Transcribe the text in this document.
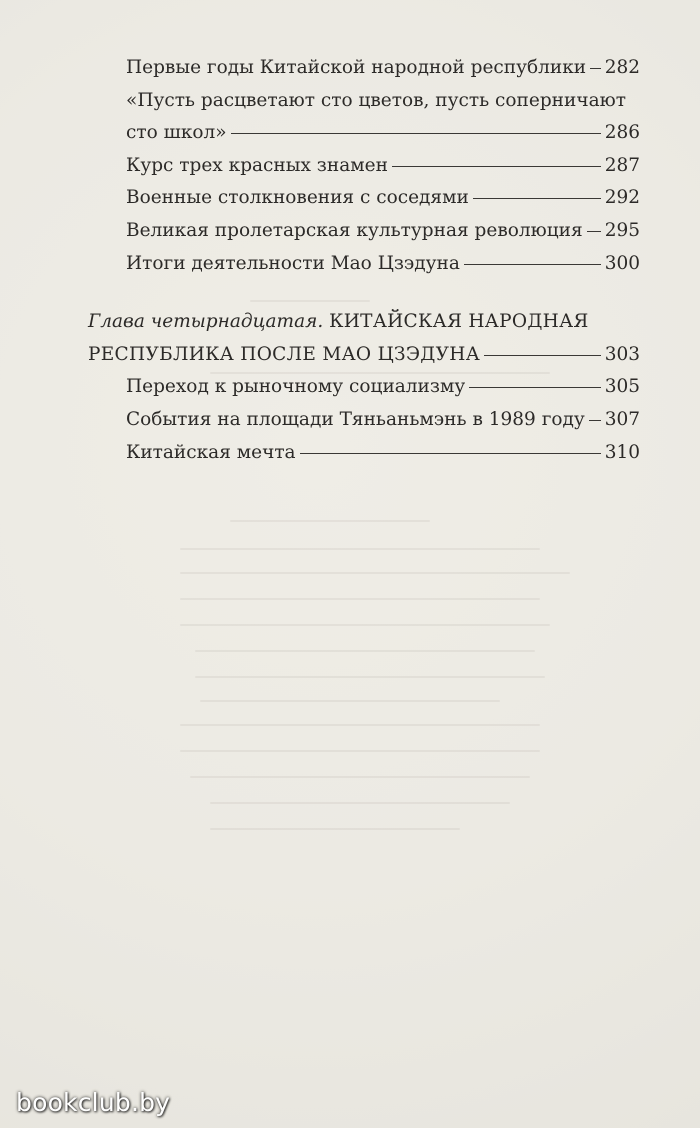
Первые годы Китайской народной республики 282
«Пусть расцветают сто цветов, пусть соперничают
сто школ»	286
Курс трех красных знамен	287
Военные столкновения с соседями	292
Великая пролетарская культурная революция 295
Итоги деятельности Мао Цзэдуна	300
Глава четырнадцатая. КИТАЙСКАЯ НАРОДНАЯ
РЕСПУБЛИКА ПОСЛЕ МАО ЦЗЭДУНА	303
Переход к рыночному социализму	305
События на площади Тяньаньмэнь в 1989 году 307
Китайская мечта	310
bookclub.by
